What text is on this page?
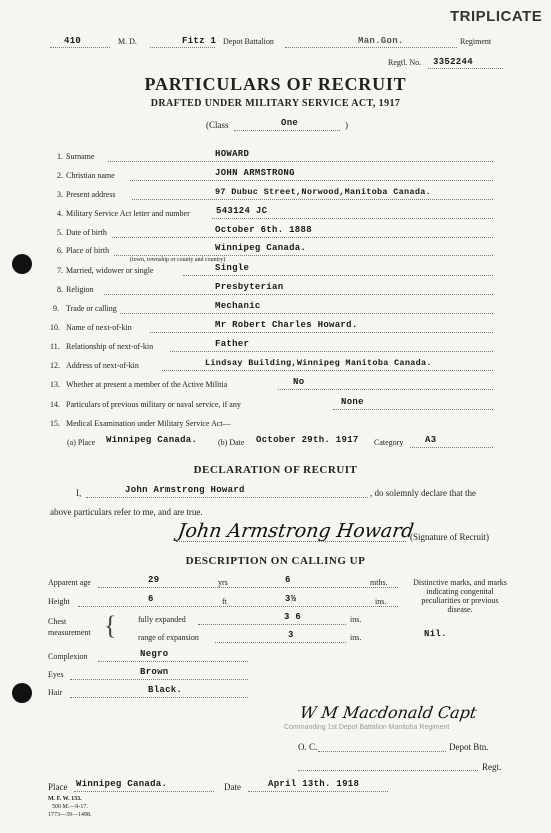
TRIPLICATE
410	M. D.	Fitz 1 Depot Battalion	Man.Gon.	Regiment
Regtl. No. 3352244
PARTICULARS OF RECRUIT
DRAFTED UNDER MILITARY SERVICE ACT, 1917
(Class	One	)
1. Surname	HOWARD
2. Christian name	JOHN ARMSTRONG
3. Present address	97 Dubuc Street,Norwood,Manitoba Canada.
4. Military Service Act letter and number	543124 JC
5. Date of birth	October 6th. 1888
6. Place of birth	Winnipeg Canada.
(town, township or county and country)
7. Married, widower or single	Single
8. Religion	Presbyterian
9. Trade or calling	Mechanic
10. Name of next-of-kin	Mr Robert Charles Howard.
11. Relationship of next-of-kin	Father
12. Address of next-of-kin	Lindsay Building,Winnipeg Manitoba Canada.
13. Whether at present a member of the Active Militia	No
14. Particulars of previous military or naval service, if any	None
15. Medical Examination under Military Service Act—
(a) Place Winnipeg Canada.	(b) Date October 29th. 1917 Category A3
DECLARATION OF RECRUIT
I,	John Armstrong Howard	, do solemnly declare that the
above particulars refer to me, and are true.
John Armstrong Howard
(Signature of Recruit)
DESCRIPTION ON CALLING UP
Apparent age	29	yrs	6	mths.
Height	6	ft	3½	ins.
Chest
measurement {	fully expanded	3 6	ins.
range of expansion	3	ins.
Complexion	Negro
Eyes	Brown
Hair	Black.
Distinctive marks, and marks indicating congenital peculiarities or previous disease.
Nil.
W M Macdonald Capt
Commanding 1st Depot Battalion Manitoba Regiment
O. C.	Depot Btn.
Regt.
Place Winnipeg Canada.	Date	April 13th. 1918
M. F. W. 133.
500 M.—9-17.
1773—39—1498.
